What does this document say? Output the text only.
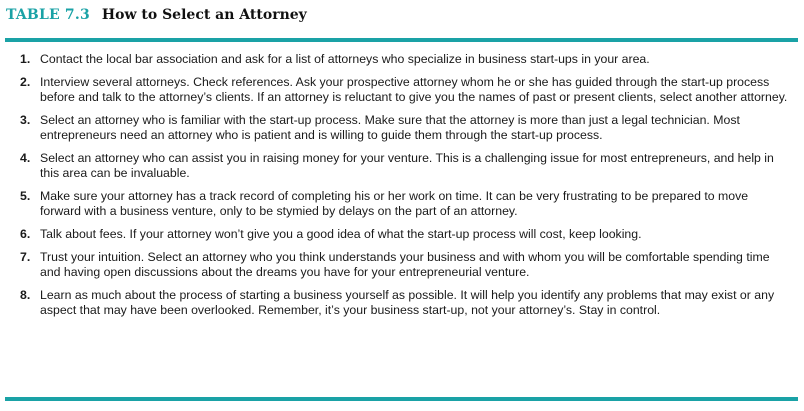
TABLE 7.3 How to Select an Attorney
1. Contact the local bar association and ask for a list of attorneys who specialize in business start-ups in your area.
2. Interview several attorneys. Check references. Ask your prospective attorney whom he or she has guided through the start-up process before and talk to the attorney’s clients. If an attorney is reluctant to give you the names of past or present clients, select another attorney.
3. Select an attorney who is familiar with the start-up process. Make sure that the attorney is more than just a legal technician. Most entrepreneurs need an attorney who is patient and is willing to guide them through the start-up process.
4. Select an attorney who can assist you in raising money for your venture. This is a challenging issue for most entrepreneurs, and help in this area can be invaluable.
5. Make sure your attorney has a track record of completing his or her work on time. It can be very frustrating to be prepared to move forward with a business venture, only to be stymied by delays on the part of an attorney.
6. Talk about fees. If your attorney won’t give you a good idea of what the start-up process will cost, keep looking.
7. Trust your intuition. Select an attorney who you think understands your business and with whom you will be comfortable spending time and having open discussions about the dreams you have for your entrepreneurial venture.
8. Learn as much about the process of starting a business yourself as possible. It will help you identify any problems that may exist or any aspect that may have been overlooked. Remember, it’s your business start-up, not your attorney’s. Stay in control.
